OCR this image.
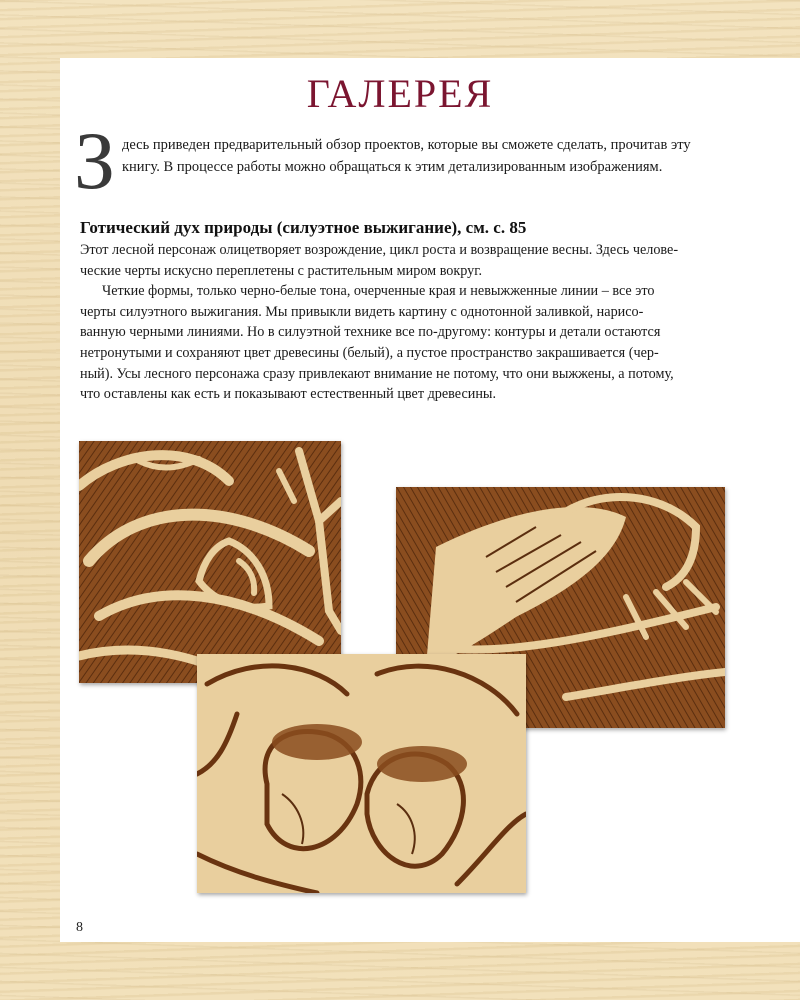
ГАЛЕРЕЯ
З десь приведен предварительный обзор проектов, которые вы сможете сделать, прочитав эту
книгу. В процессе работы можно обращаться к этим детализированным изображениям.
Готический дух природы (силуэтное выжигание), см. с. 85
Этот лесной персонаж олицетворяет возрождение, цикл роста и возвращение весны. Здесь челове-
ческие черты искусно переплетены с растительным миром вокруг.
Четкие формы, только черно-белые тона, очерченные края и невыжженные линии – все это
черты силуэтного выжигания. Мы привыкли видеть картину с однотонной заливкой, нарисо-
ванную черными линиями. Но в силуэтной технике все по-другому: контуры и детали остаются
нетронутыми и сохраняют цвет древесины (белый), а пустое пространство закрашивается (чер-
ный). Усы лесного персонажа сразу привлекают внимание не потому, что они выжжены, а потому,
что оставлены как есть и показывают естественный цвет древесины.
8
